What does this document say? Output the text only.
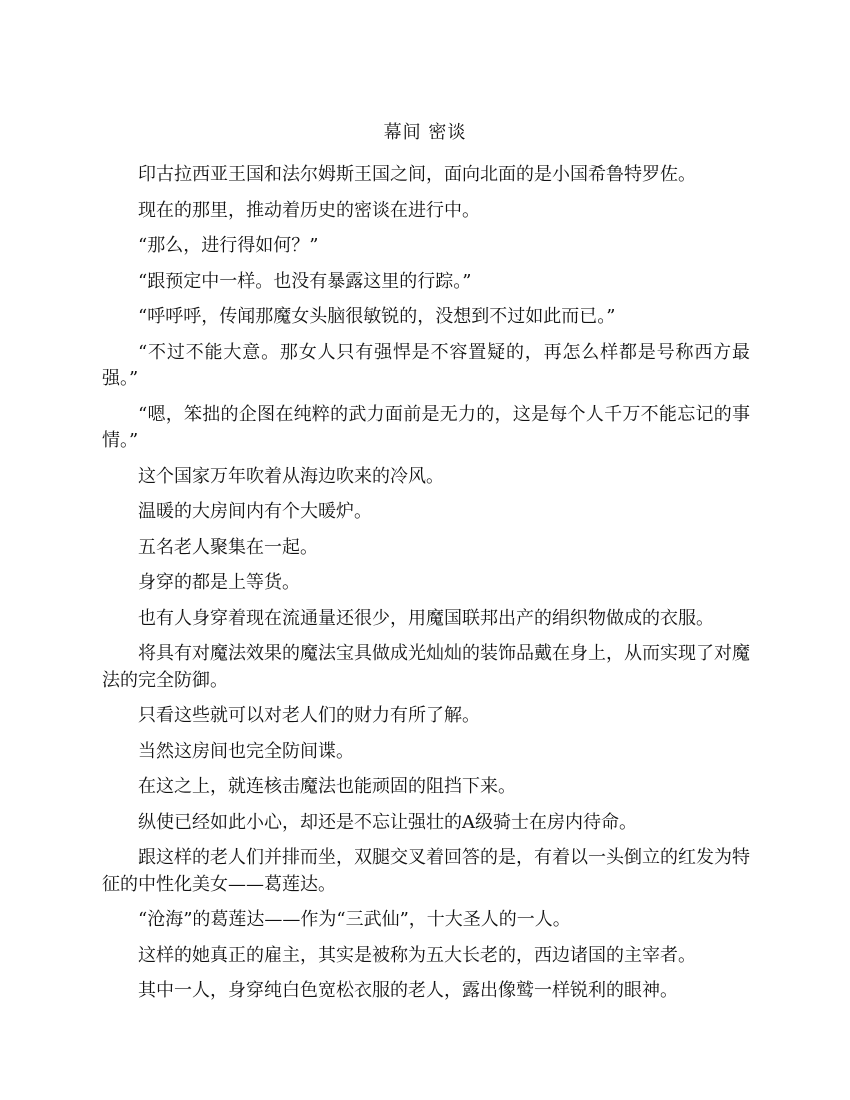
幕间 密谈

印古拉西亚王国和法尔姆斯王国之间，面向北面的是小国希鲁特罗佐。

现在的那里，推动着历史的密谈在进行中。

“那么，进行得如何？”

“跟预定中一样。也没有暴露这里的行踪。”

“呼呼呼，传闻那魔女头脑很敏锐的，没想到不过如此而已。”

“不过不能大意。那女人只有强悍是不容置疑的，再怎么样都是号称西方最强。”

“嗯，笨拙的企图在纯粹的武力面前是无力的，这是每个人千万不能忘记的事情。”

这个国家万年吹着从海边吹来的冷风。

温暖的大房间内有个大暖炉。

五名老人聚集在一起。

身穿的都是上等货。

也有人身穿着现在流通量还很少，用魔国联邦出产的绢织物做成的衣服。

将具有对魔法效果的魔法宝具做成光灿灿的装饰品戴在身上，从而实现了对魔法的完全防御。

只看这些就可以对老人们的财力有所了解。

当然这房间也完全防间谍。

在这之上，就连核击魔法也能顽固的阻挡下来。

纵使已经如此小心，却还是不忘让强壮的A级骑士在房内待命。

跟这样的老人们并排而坐，双腿交叉着回答的是，有着以一头倒立的红发为特征的中性化美女——葛莲达。

“沧海”的葛莲达——作为“三武仙”，十大圣人的一人。

这样的她真正的雇主，其实是被称为五大长老的，西边诸国的主宰者。

其中一人，身穿纯白色宽松衣服的老人，露出像鹫一样锐利的眼神。
